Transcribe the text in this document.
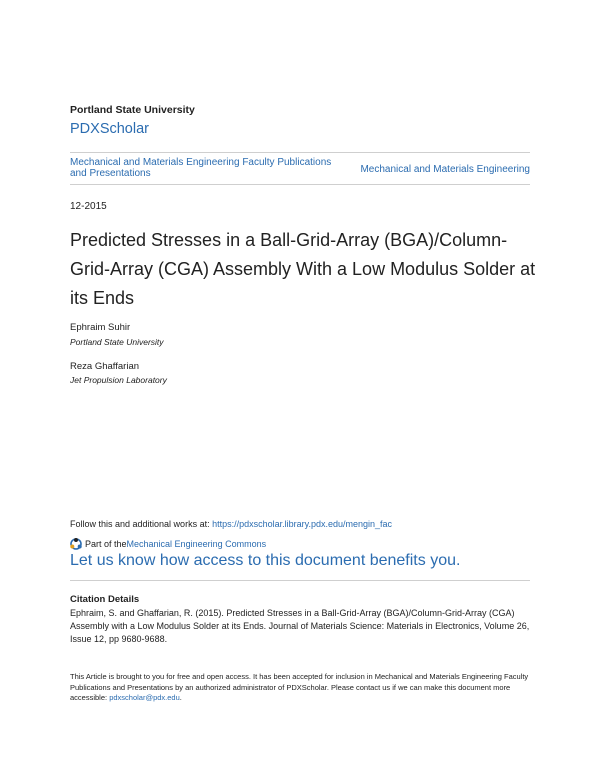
Portland State University
PDXScholar
Mechanical and Materials Engineering Faculty Publications and Presentations	Mechanical and Materials Engineering
12-2015
Predicted Stresses in a Ball-Grid-Array (BGA)/Column-Grid-Array (CGA) Assembly With a Low Modulus Solder at its Ends
Ephraim Suhir
Portland State University
Reza Ghaffarian
Jet Propulsion Laboratory
Follow this and additional works at: https://pdxscholar.library.pdx.edu/mengin_fac
Part of the Mechanical Engineering Commons
Let us know how access to this document benefits you.
Citation Details
Ephraim, S. and Ghaffarian, R. (2015). Predicted Stresses in a Ball-Grid-Array (BGA)/Column-Grid-Array (CGA) Assembly with a Low Modulus Solder at its Ends. Journal of Materials Science: Materials in Electronics, Volume 26, Issue 12, pp 9680-9688.
This Article is brought to you for free and open access. It has been accepted for inclusion in Mechanical and Materials Engineering Faculty Publications and Presentations by an authorized administrator of PDXScholar. Please contact us if we can make this document more accessible: pdxscholar@pdx.edu.
